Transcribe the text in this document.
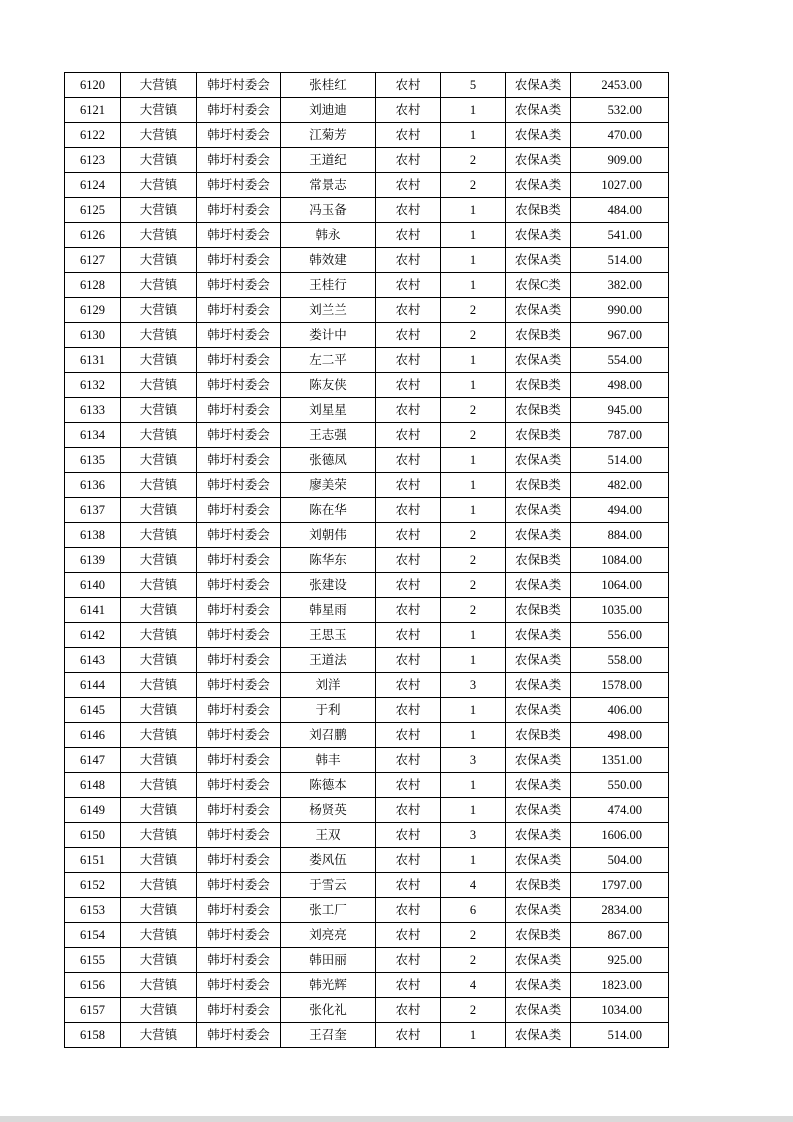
6120	大营镇	韩圩村委会	张桂红	农村	5	农保A类	2453.00
6121	大营镇	韩圩村委会	刘迪迪	农村	1	农保A类	532.00
6122	大营镇	韩圩村委会	江菊芳	农村	1	农保A类	470.00
6123	大营镇	韩圩村委会	王道纪	农村	2	农保A类	909.00
6124	大营镇	韩圩村委会	常景志	农村	2	农保A类	1027.00
6125	大营镇	韩圩村委会	冯玉备	农村	1	农保B类	484.00
6126	大营镇	韩圩村委会	韩永	农村	1	农保A类	541.00
6127	大营镇	韩圩村委会	韩效建	农村	1	农保A类	514.00
6128	大营镇	韩圩村委会	王桂行	农村	1	农保C类	382.00
6129	大营镇	韩圩村委会	刘兰兰	农村	2	农保A类	990.00
6130	大营镇	韩圩村委会	娄计中	农村	2	农保B类	967.00
6131	大营镇	韩圩村委会	左二平	农村	1	农保A类	554.00
6132	大营镇	韩圩村委会	陈友侠	农村	1	农保B类	498.00
6133	大营镇	韩圩村委会	刘星星	农村	2	农保B类	945.00
6134	大营镇	韩圩村委会	王志强	农村	2	农保B类	787.00
6135	大营镇	韩圩村委会	张德凤	农村	1	农保A类	514.00
6136	大营镇	韩圩村委会	廖美荣	农村	1	农保B类	482.00
6137	大营镇	韩圩村委会	陈在华	农村	1	农保A类	494.00
6138	大营镇	韩圩村委会	刘朝伟	农村	2	农保A类	884.00
6139	大营镇	韩圩村委会	陈华东	农村	2	农保B类	1084.00
6140	大营镇	韩圩村委会	张建设	农村	2	农保A类	1064.00
6141	大营镇	韩圩村委会	韩星雨	农村	2	农保B类	1035.00
6142	大营镇	韩圩村委会	王思玉	农村	1	农保A类	556.00
6143	大营镇	韩圩村委会	王道法	农村	1	农保A类	558.00
6144	大营镇	韩圩村委会	刘洋	农村	3	农保A类	1578.00
6145	大营镇	韩圩村委会	于利	农村	1	农保A类	406.00
6146	大营镇	韩圩村委会	刘召鹏	农村	1	农保B类	498.00
6147	大营镇	韩圩村委会	韩丰	农村	3	农保A类	1351.00
6148	大营镇	韩圩村委会	陈德本	农村	1	农保A类	550.00
6149	大营镇	韩圩村委会	杨贤英	农村	1	农保A类	474.00
6150	大营镇	韩圩村委会	王双	农村	3	农保A类	1606.00
6151	大营镇	韩圩村委会	娄风伍	农村	1	农保A类	504.00
6152	大营镇	韩圩村委会	于雪云	农村	4	农保B类	1797.00
6153	大营镇	韩圩村委会	张工厂	农村	6	农保A类	2834.00
6154	大营镇	韩圩村委会	刘亮亮	农村	2	农保B类	867.00
6155	大营镇	韩圩村委会	韩田丽	农村	2	农保A类	925.00
6156	大营镇	韩圩村委会	韩光辉	农村	4	农保A类	1823.00
6157	大营镇	韩圩村委会	张化礼	农村	2	农保A类	1034.00
6158	大营镇	韩圩村委会	王召奎	农村	1	农保A类	514.00
